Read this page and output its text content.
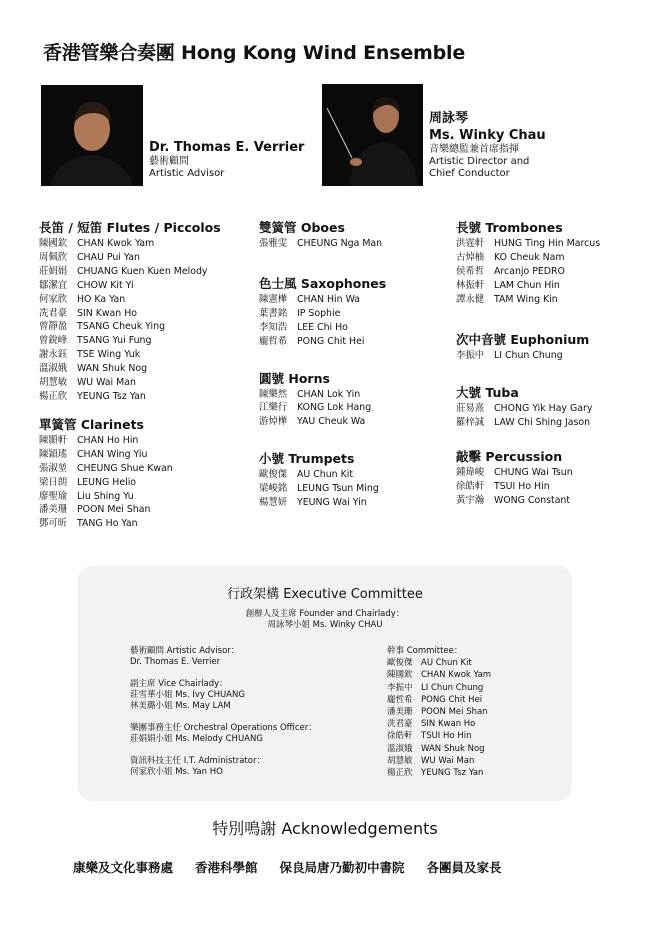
香港管樂合奏團 Hong Kong Wind Ensemble
Dr. Thomas E. Verrier
藝術顧問
Artistic Advisor
周詠琴
Ms. Winky Chau
音樂總監兼首席指揮
Artistic Director and Chief Conductor
長笛 / 短笛 Flutes / Piccolos
陳國欽	CHAN Kwok Yam
周佩欣	CHAU Pui Yan
莊娟娟	CHUANG Kuen Kuen Melody
鄒潔宜	CHOW Kit Yi
何家欣	HO Ka Yan
冼君豪	SIN Kwan Ho
曾靜盈	TSANG Cheuk Ying
曾銳峰	TSANG Yui Fung
謝永鈺	TSE Wing Yuk
溫淑娥	WAN Shuk Nog
胡慧敏	WU Wai Man
楊正欣	YEUNG Tsz Yan
單簧管 Clarinets
陳顥軒	CHAN Ho Hin
陳穎瑤	CHAN Wing Yiu
張淑堃	CHEUNG Shue Kwan
梁日朗	LEUNG Helio
廖聖瑜	Liu Shing Yu
潘美珊	POON Mei Shan
鄧可昕	TANG Ho Yan
雙簧管 Oboes
張雅雯	CHEUNG Nga Man
色士風 Saxophones
陳憲樺	CHAN Hin Wa
葉書銘	IP Sophie
李知浩	LEE Chi Ho
龐哲希	PONG Chit Hei
圓號 Horns
陳樂然	CHAN Lok Yin
江樂行	KONG Lok Hang
游焯樺	YAU Cheuk Wa
小號 Trumpets
歐俊傑	AU Chun Kit
梁峻銘	LEUNG Tsun Ming
楊慧妍	YEUNG Wai Yin
長號 Trombones
洪霆軒	HUNG Ting Hin Marcus
古焯楠	KO Cheuk Nam
侯希哲	Arcanjo PEDRO
林振軒	LAM Chun Hin
譚永健	TAM Wing Kin
次中音號 Euphonium
李振中	LI Chun Chung
大號 Tuba
莊易熹	CHONG Yik Hay Gary
羅梓誠	LAW Chi Shing Jason
敲擊 Percussion
鍾瑋峻	CHUNG Wai Tsun
徐皓軒	TSUI Ho Hin
黃宇瀚	WONG Constant
行政架構 Executive Committee
創辦人及主席 Founder and Chairlady：
周詠琴小姐 Ms. Winky CHAU
藝術顧問 Artistic Advisor：
Dr. Thomas E. Verrier
副主席 Vice Chairlady：
莊雪華小姐 Ms. Ivy CHUANG
林美璐小姐 Ms. May LAM
樂團事務主任 Orchestral Operations Officer：
莊娟娟小姐 Ms. Melody CHUANG
資訊科技主任 I.T. Administrator：
何家欣小姐 Ms. Yan HO
幹事 Committee：
歐俊傑 AU Chun Kit
陳國欽 CHAN Kwok Yam
李振中 LI Chun Chung
龐哲希 PONG Chit Hei
潘美珊 POON Mei Shan
冼君豪 SIN Kwan Ho
徐皓軒 TSUI Ho Hin
溫淑娥 WAN Shuk Nog
胡慧敏 WU Wai Man
楊正欣 YEUNG Tsz Yan
特別鳴謝 Acknowledgements
康樂及文化事務處 香港科學館 保良局唐乃勤初中書院 各團員及家長
